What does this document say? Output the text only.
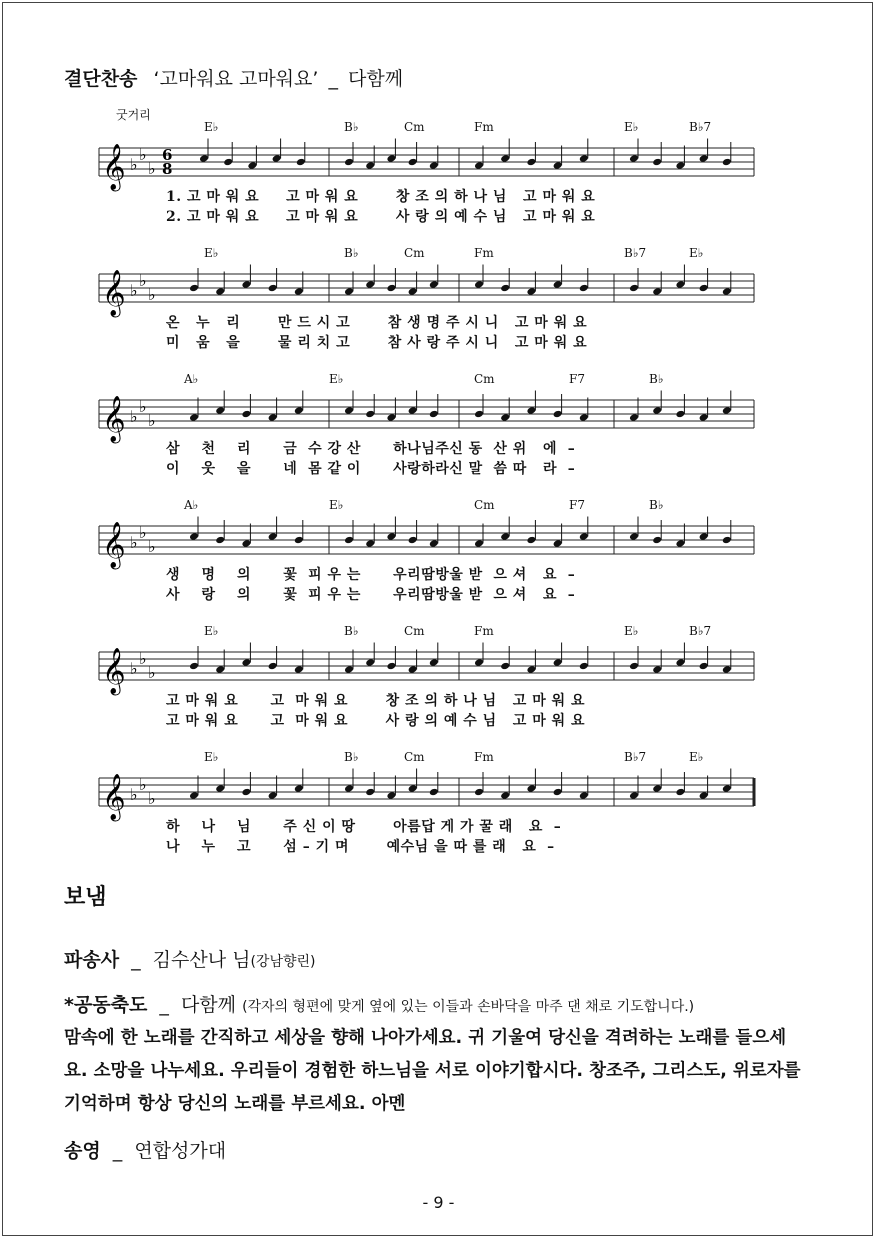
결단찬송 ‘고마워요 고마워요’ _ 다함께
굿거리
E♭	B♭	Cm	Fm	E♭	B♭7
𝄞 ♭
♭
♭
6
8
1. 고 마 워 요     고 마 워 요       창 조 의 하 나 님   고 마 워 요
2. 고 마 워 요     고 마 워 요       사 랑 의 예 수 님   고 마 워 요
E♭	B♭	Cm	Fm	B♭7	E♭
𝄞 ♭
♭
♭
온   누   리       만 드 시 고       참 생 명 주 시 니   고 마 워 요
미   움   을       물 리 치 고       참 사 랑 주 시 니   고 마 워 요
A♭	E♭	Cm	F7	B♭
𝄞 ♭
♭
♭
삼    천    리      금  수 강 산      하나님주신 동  산 위   에  –
이    웃    을      네  몸 같 이      사랑하라신 말  씀 따   라  –
A♭	E♭	Cm	F7	B♭
𝄞 ♭
♭
♭
생    명    의      꽃  피 우 는      우리땀방울 받  으 셔   요  –
사    랑    의      꽃  피 우 는      우리땀방울 받  으 셔   요  –
E♭	B♭	Cm	Fm	E♭	B♭7
𝄞 ♭
♭
♭
고 마 워 요      고  마 워 요       창 조 의 하 나 님   고 마 워 요
고 마 워 요      고  마 워 요       사 랑 의 예 수 님   고 마 워 요
E♭	B♭	Cm	Fm	B♭7	E♭
𝄞 ♭
♭
♭
하    나    님      주 신 이 땅       아름답 게 가 꿀 래   요  –
나    누    고      섬 – 기 며       예수님 을 따 를 래   요  –
보냄
파송사 _ 김수산나 님(강남향린)
*공동축도 _ 다함께 (각자의 형편에 맞게 옆에 있는 이들과 손바닥을 마주 댄 채로 기도합니다.)
맘속에 한 노래를 간직하고 세상을 향해 나아가세요. 귀 기울여 당신을 격려하는 노래를 들으세요. 소망을 나누세요. 우리들이 경험한 하느님을 서로 이야기합시다. 창조주, 그리스도, 위로자를 기억하며 항상 당신의 노래를 부르세요. 아멘
송영 _ 연합성가대
- 9 -
